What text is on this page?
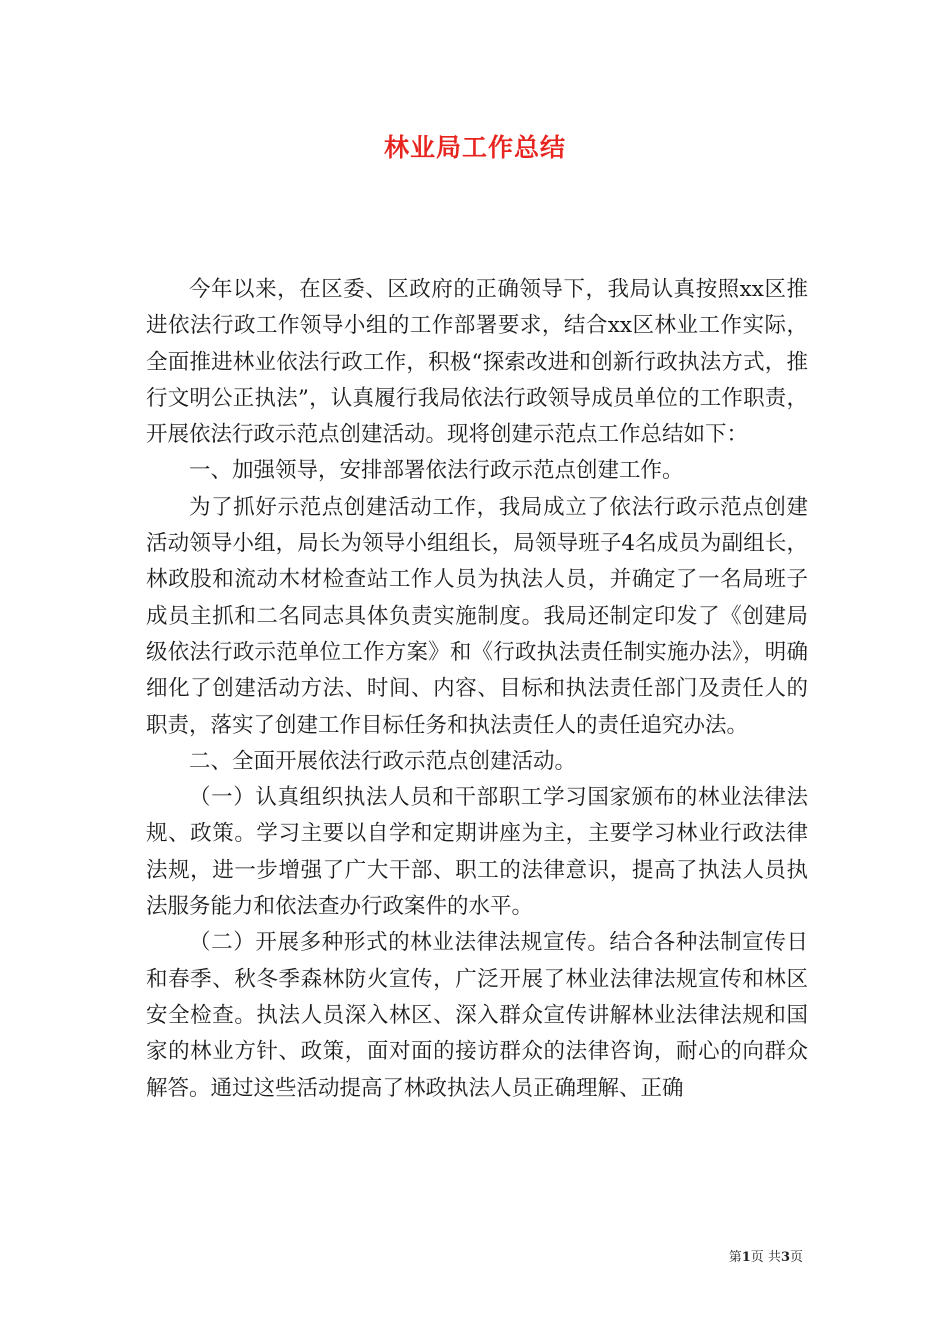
林业局工作总结

今年以来，在区委、区政府的正确领导下，我局认真按照xx区推进依法行政工作领导小组的工作部署要求，结合xx区林业工作实际，全面推进林业依法行政工作，积极“探索改进和创新行政执法方式，推行文明公正执法”，认真履行我局依法行政领导成员单位的工作职责，开展依法行政示范点创建活动。现将创建示范点工作总结如下：

一、加强领导，安排部署依法行政示范点创建工作。

为了抓好示范点创建活动工作，我局成立了依法行政示范点创建活动领导小组，局长为领导小组组长，局领导班子4名成员为副组长，林政股和流动木材检查站工作人员为执法人员，并确定了一名局班子成员主抓和二名同志具体负责实施制度。我局还制定印发了《创建局级依法行政示范单位工作方案》和《行政执法责任制实施办法》，明确细化了创建活动方法、时间、内容、目标和执法责任部门及责任人的职责，落实了创建工作目标任务和执法责任人的责任追究办法。

二、全面开展依法行政示范点创建活动。

（一）认真组织执法人员和干部职工学习国家颁布的林业法律法规、政策。学习主要以自学和定期讲座为主，主要学习林业行政法律法规，进一步增强了广大干部、职工的法律意识，提高了执法人员执法服务能力和依法查办行政案件的水平。

（二）开展多种形式的林业法律法规宣传。结合各种法制宣传日和春季、秋冬季森林防火宣传，广泛开展了林业法律法规宣传和林区安全检查。执法人员深入林区、深入群众宣传讲解林业法律法规和国家的林业方针、政策，面对面的接访群众的法律咨询，耐心的向群众解答。通过这些活动提高了林政执法人员正确理解、正确

第1页 共3页
